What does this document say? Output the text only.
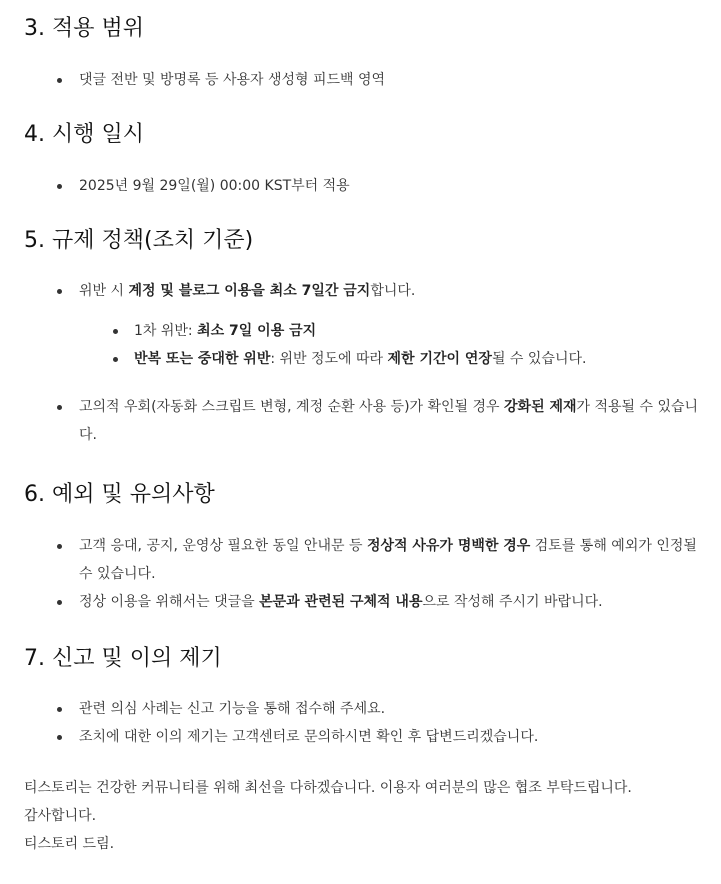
3. 적용 범위
댓글 전반 및 방명록 등 사용자 생성형 피드백 영역
4. 시행 일시
2025년 9월 29일(월) 00:00 KST부터 적용
5. 규제 정책(조치 기준)
위반 시 계정 및 블로그 이용을 최소 7일간 금지합니다.
1차 위반: 최소 7일 이용 금지
반복 또는 중대한 위반: 위반 정도에 따라 제한 기간이 연장될 수 있습니다.
고의적 우회(자동화 스크립트 변형, 계정 순환 사용 등)가 확인될 경우 강화된 제재가 적용될 수 있습니다.
6. 예외 및 유의사항
고객 응대, 공지, 운영상 필요한 동일 안내문 등 정상적 사유가 명백한 경우 검토를 통해 예외가 인정될 수 있습니다.
정상 이용을 위해서는 댓글을 본문과 관련된 구체적 내용으로 작성해 주시기 바랍니다.
7. 신고 및 이의 제기
관련 의심 사례는 신고 기능을 통해 접수해 주세요.
조치에 대한 이의 제기는 고객센터로 문의하시면 확인 후 답변드리겠습니다.

티스토리는 건강한 커뮤니티를 위해 최선을 다하겠습니다. 이용자 여러분의 많은 협조 부탁드립니다.

감사합니다.

티스토리 드림.
